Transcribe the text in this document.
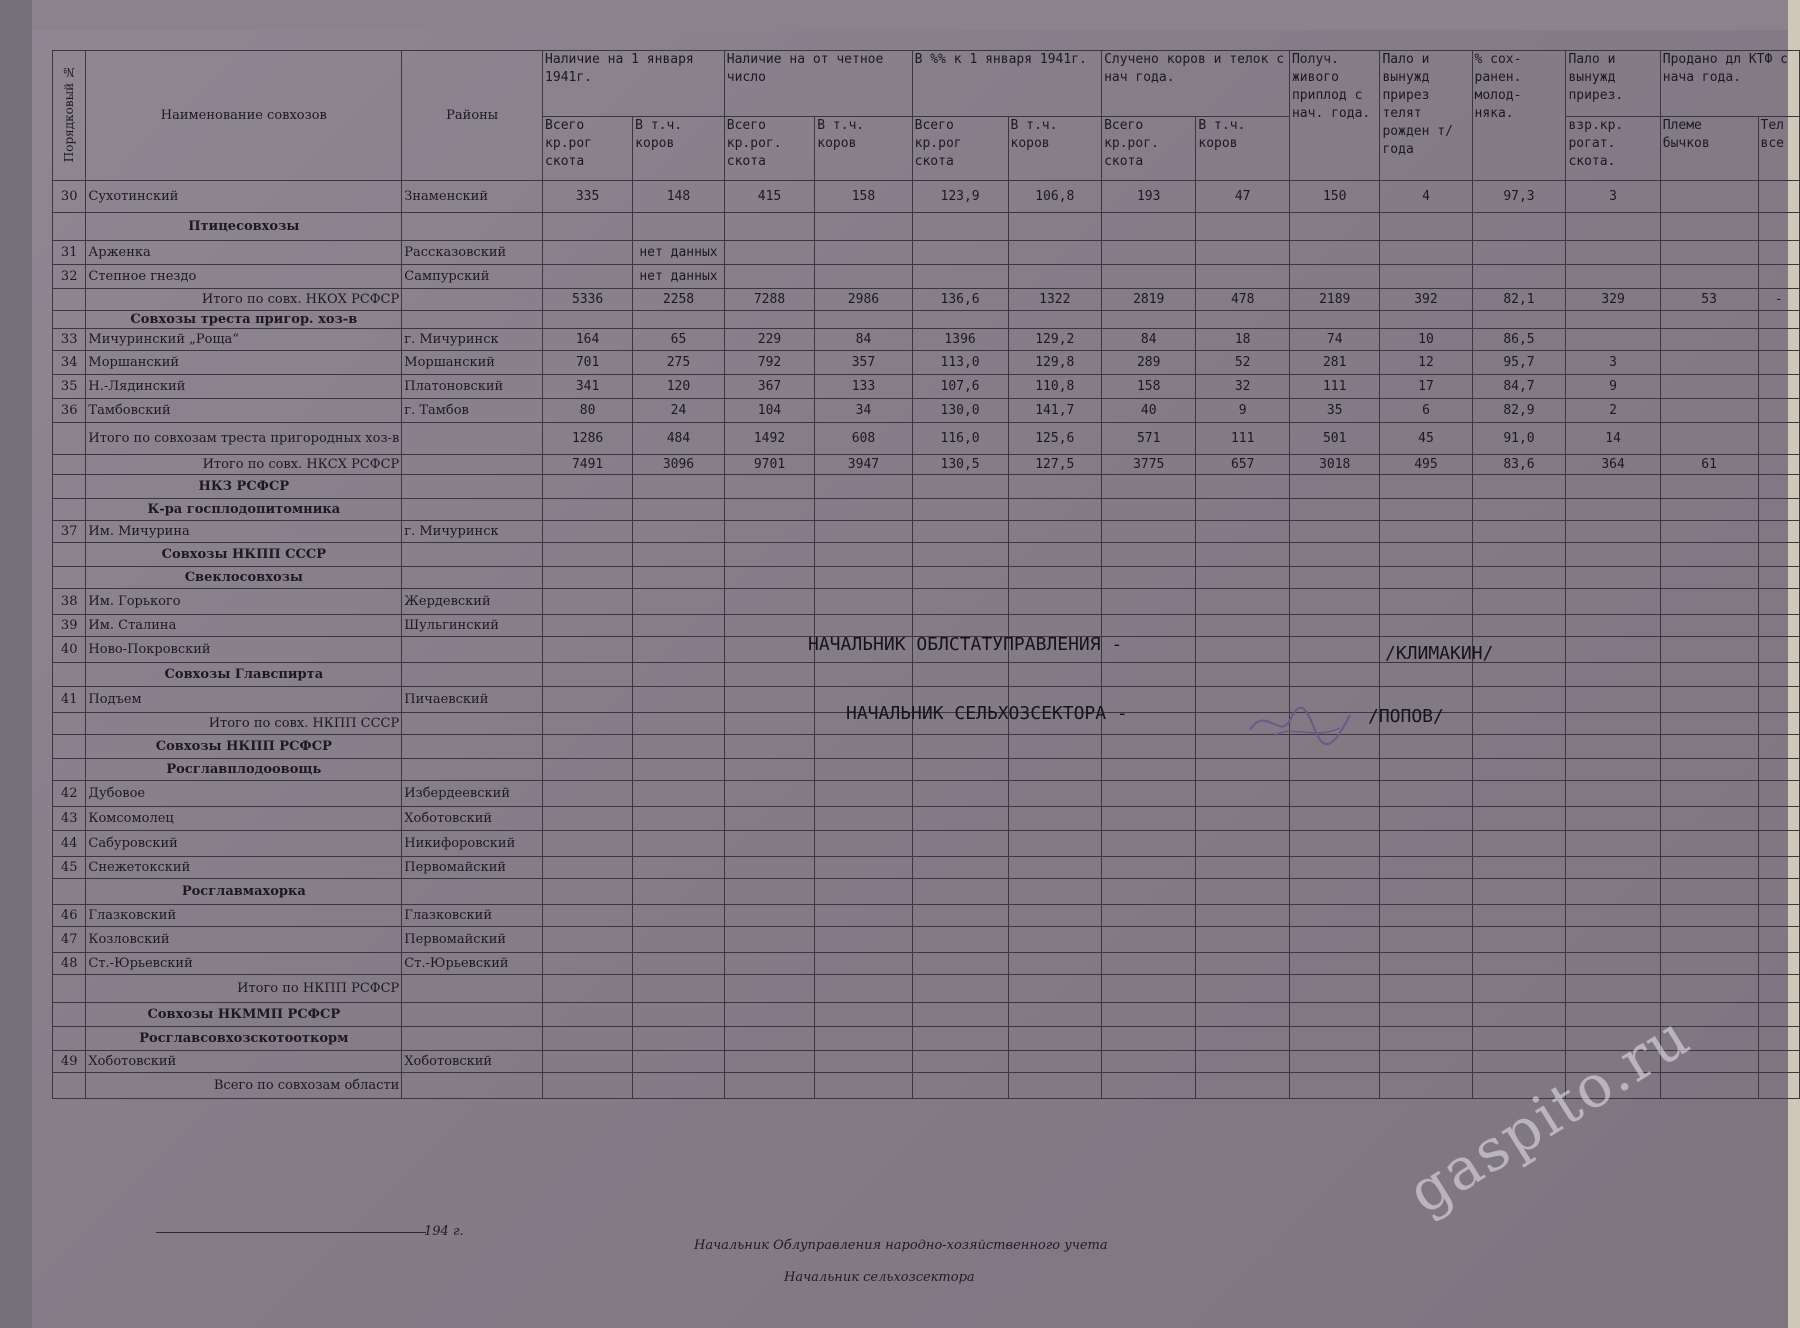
Порядковый №	Наименование совхозов	Районы	Наличие на 1 января 1941г.		Наличие на от четное число		В %% к 1 января 1941г.		Случено коров и телок с нач года.		Получ. живого приплод с нач. года.	Пало и вынужд прирез телят рожден т/года	% сох- ранен. молод- няка.	Пало и вынужд прирез.	Продано дл КТФ с нача года.	
			Всего кр.рог скота	В т.ч. коров	Всего кр.рог. скота	В т.ч. коров	Всего кр.рог скота	В т.ч. коров	Всего кр.рог. скота	В т.ч. коров				взр.кр. рогат. скота.	Племе бычков	Тел все
30	Сухотинский	Знаменский	335	148	415	158	123,9	106,8	193	47	150	4	97,3	3		
	Птицесовхозы															
31	Арженка	Рассказовский		нет данных												
32	Степное гнездо	Сампурский		нет данных												
	Итого по совх. НКОХ РСФСР		5336	2258	7288	2986	136,6	1322	2819	478	2189	392	82,1	329	53	-
	Совхозы треста пригор. хоз-в															
33	Мичуринский „Роща“	г. Мичуринск	164	65	229	84	1396	129,2	84	18	74	10	86,5			
34	Моршанский	Моршанский	701	275	792	357	113,0	129,8	289	52	281	12	95,7	3		
35	Н.-Лядинский	Платоновский	341	120	367	133	107,6	110,8	158	32	111	17	84,7	9		
36	Тамбовский	г. Тамбов	80	24	104	34	130,0	141,7	40	9	35	6	82,9	2		
	Итого по совхозам треста пригородных хоз-в		1286	484	1492	608	116,0	125,6	571	111	501	45	91,0	14		
	Итого по совх. НКСХ РСФСР		7491	3096	9701	3947	130,5	127,5	3775	657	3018	495	83,6	364	61	
	НКЗ РСФСР															
	К-ра госплодопитомника															
37	Им. Мичурина	г. Мичуринск														
	Совхозы НКПП СССР															
	Свеклосовхозы															
38	Им. Горького	Жердевский														
39	Им. Сталина	Шульгинский														
40	Ново-Покровский															
	Совхозы Главспирта															
41	Подъем	Пичаевский														
	Итого по совх. НКПП СССР															
	Совхозы НКПП РСФСР															
	Росглавплодоовощь															
42	Дубовое	Избердеевский														
43	Комсомолец	Хоботовский														
44	Сабуровский	Никифоровский														
45	Снежетокский	Первомайский														
	Росглавмахорка															
46	Глазковский	Глазковский														
47	Козловский	Первомайский														
48	Ст.-Юрьевский	Ст.-Юрьевский														
	Итого по НКПП РСФСР															
	Совхозы НКММП РСФСР															
	Росглавсовхозскотооткорм															
49	Хоботовский	Хоботовский														
	Всего по совхозам области															
НАЧАЛЬНИК ОБЛСТАТУПРАВЛЕНИЯ -	/КЛИМАКИН/
НАЧАЛЬНИК СЕЛЬХОЗСЕКТОРА -	/ПОПОВ/
194 г.
Начальник Облуправления народно-хозяйственного учета
Начальник сельхозсектора
gaspito.ru
